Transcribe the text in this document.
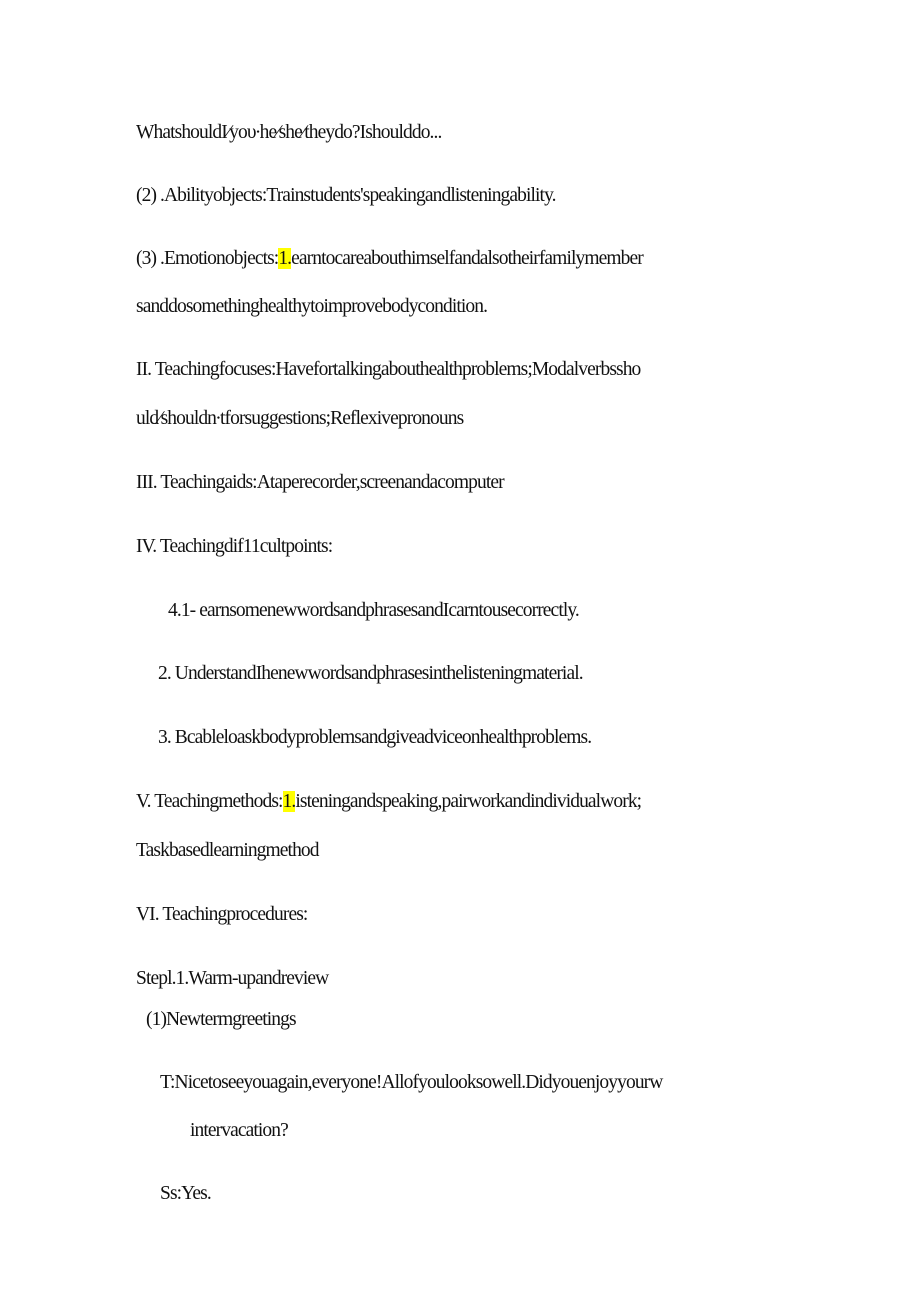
WhatshouldI∕yoυ∙he∕she∕theydo?Ishoulddo...
(2) .Abilityobjects:Trainstudents'speakingandlisteningability.
(3) .Emotionobjects:1.earntocareabouthimselfandalsotheirfamilymember
sanddosomethinghealthytoimprovebodycondition.
II. Teachingfocuses:Havefortalkingabouthealthproblems;Modalverbssho
uld∕shouldn∙tforsuggestions;Reflexivepronouns
III. Teachingaids:Ataperecorder,screenandacomputer
IV. Teachingdif11cultpoints:
4.1- earnsomenewwordsandphrasesandIcarntousecorrectly.
2. UnderstandIhenewwordsandphrasesinthelisteningmaterial.
3. Bcableloaskbodyproblemsandgiveadviceonhealthproblems.
V. Teachingmethods:1.isteningandspeaking,pairworkandindividualwork;
Taskbasedlearningmethod
VI. Teachingprocedures:
Stepl.1.Warm-upandreview
(1)Newtermgreetings
T:Nicetoseeyouagain,everyone!Allofyoulooksowell.Didyouenjoyyourw
intervacation?
Ss:Yes.
